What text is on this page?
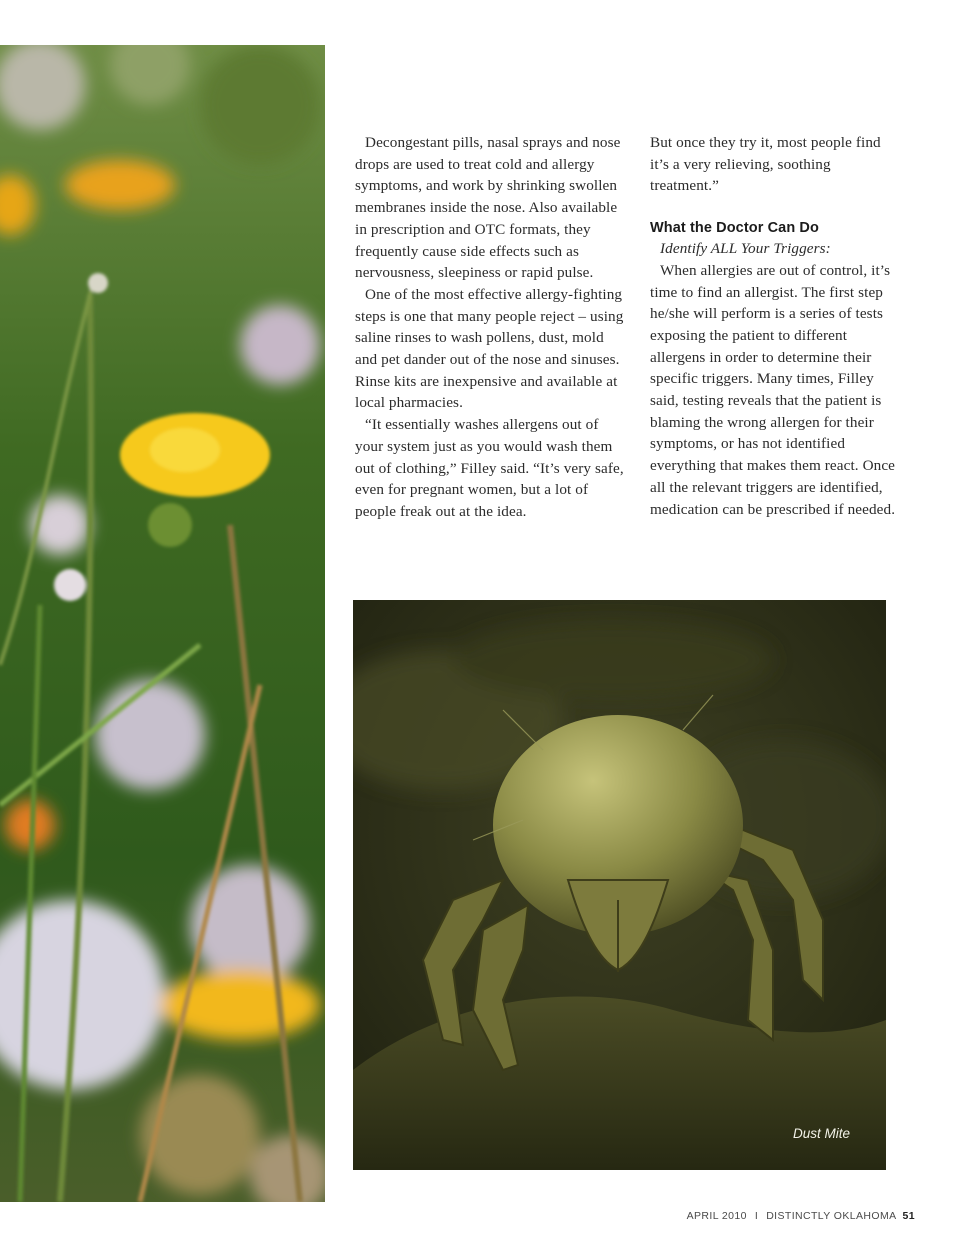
Decongestant pills, nasal sprays and nose drops are used to treat cold and allergy symptoms, and work by shrinking swollen membranes inside the nose. Also available in prescription and OTC formats, they frequently cause side effects such as nervousness, sleepiness or rapid pulse.

One of the most effective allergy-fighting steps is one that many people reject – using saline rinses to wash pollens, dust, mold and pet dander out of the nose and sinuses. Rinse kits are inexpensive and available at local pharmacies.

“It essentially washes allergens out of your system just as you would wash them out of clothing,” Filley said. “It’s very safe, even for pregnant women, but a lot of people freak out at the idea.

But once they try it, most people find it’s a very relieving, soothing treatment.”

What the Doctor Can Do

Identify ALL Your Triggers:

When allergies are out of control, it’s time to find an allergist. The first step he/she will perform is a series of tests exposing the patient to different allergens in order to determine their specific triggers. Many times, Filley said, testing reveals that the patient is blaming the wrong allergen for their symptoms, or has not identified everything that makes them react. Once all the relevant triggers are identified, medication can be prescribed if needed.

Dust Mite
APRIL 2010 I DISTINCTLY OKLAHOMA 51
